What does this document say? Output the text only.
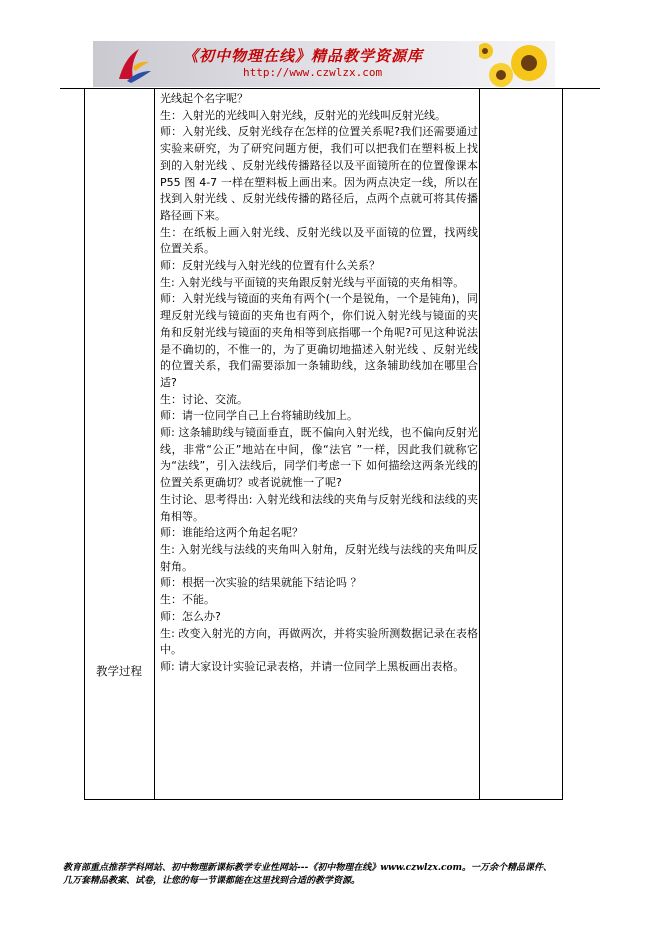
《初中物理在线》精品教学资源库
http://www.czwlzx.com
教学过程

光线起个名字呢？

生：入射光的光线叫入射光线，反射光的光线叫反射光线。

师：入射光线、反射光线存在怎样的位置关系呢?我们还需要通过实验来研究，为了研究问题方便，我们可以把我们在塑料板上找到的入射光线 、反射光线传播路径以及平面镜所在的位置像课本 P55 图 4-7 一样在塑料板上画出来。因为两点决定一线，所以在找到入射光线 、反射光线传播的路径后，点两个点就可将其传播路径画下来。

生：在纸板上画入射光线、反射光线以及平面镜的位置，找两线位置关系。

师：反射光线与入射光线的位置有什么关系？

生: 入射光线与平面镜的夹角跟反射光线与平面镜的夹角相等。

师：入射光线与镜面的夹角有两个(一个是锐角，一个是钝角)，同理反射光线与镜面的夹角也有两个，你们说入射光线与镜面的夹角和反射光线与镜面的夹角相等到底指哪一个角呢?可见这种说法是不确切的，不惟一的，为了更确切地描述入射光线 、反射光线的位置关系，我们需要添加一条辅助线，这条辅助线加在哪里合适?

生：讨论、交流。

师：请一位同学自己上台将辅助线加上。

师: 这条辅助线与镜面垂直，既不偏向入射光线，也不偏向反射光线，非常“公正”地站在中间，像“法官 ”一样，因此我们就称它为“法线”，引入法线后，同学们考虑一下 如何描绘这两条光线的位置关系更确切？或者说就惟一了呢?

生讨论、思考得出: 入射光线和法线的夹角与反射光线和法线的夹角相等。

师：谁能给这两个角起名呢？

生: 入射光线与法线的夹角叫入射角，反射光线与法线的夹角叫反射角。

师：根据一次实验的结果就能下结论吗 ？

生：不能。

师：怎么办?

生: 改变入射光的方向，再做两次，并将实验所测数据记录在表格中。

师: 请大家设计实验记录表格，并请一位同学上黑板画出表格。

教育部重点推荐学科网站、初中物理新课标教学专业性网站---《初中物理在线》www.czwlzx.com。一万余个精品课件、

几万套精品教案、试卷，让您的每一节课都能在这里找到合适的教学资源。
